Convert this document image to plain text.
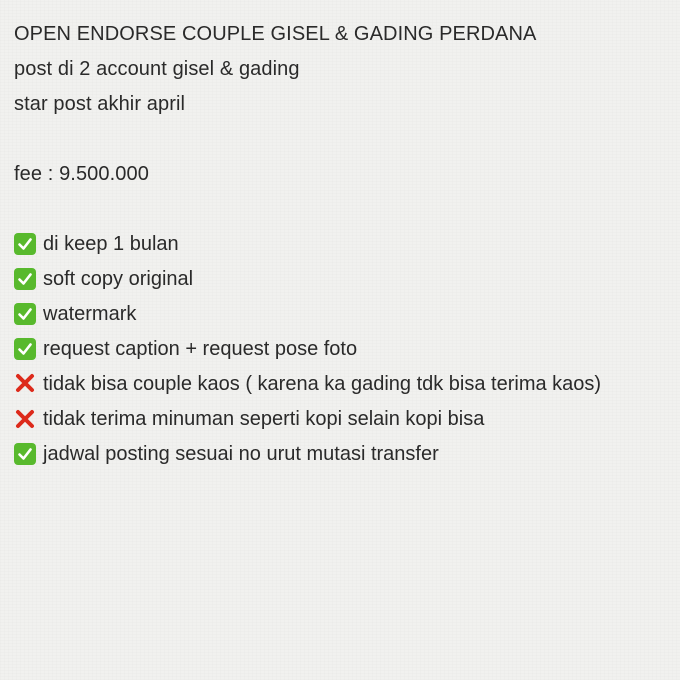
OPEN ENDORSE COUPLE GISEL & GADING PERDANA
post di 2 account gisel & gading
star post akhir april
fee : 9.500.000
di keep 1 bulan
soft copy original
watermark
request caption + request pose foto
tidak bisa couple kaos ( karena ka gading tdk bisa terima kaos)
tidak terima minuman seperti kopi selain kopi bisa
jadwal posting sesuai no urut mutasi transfer
